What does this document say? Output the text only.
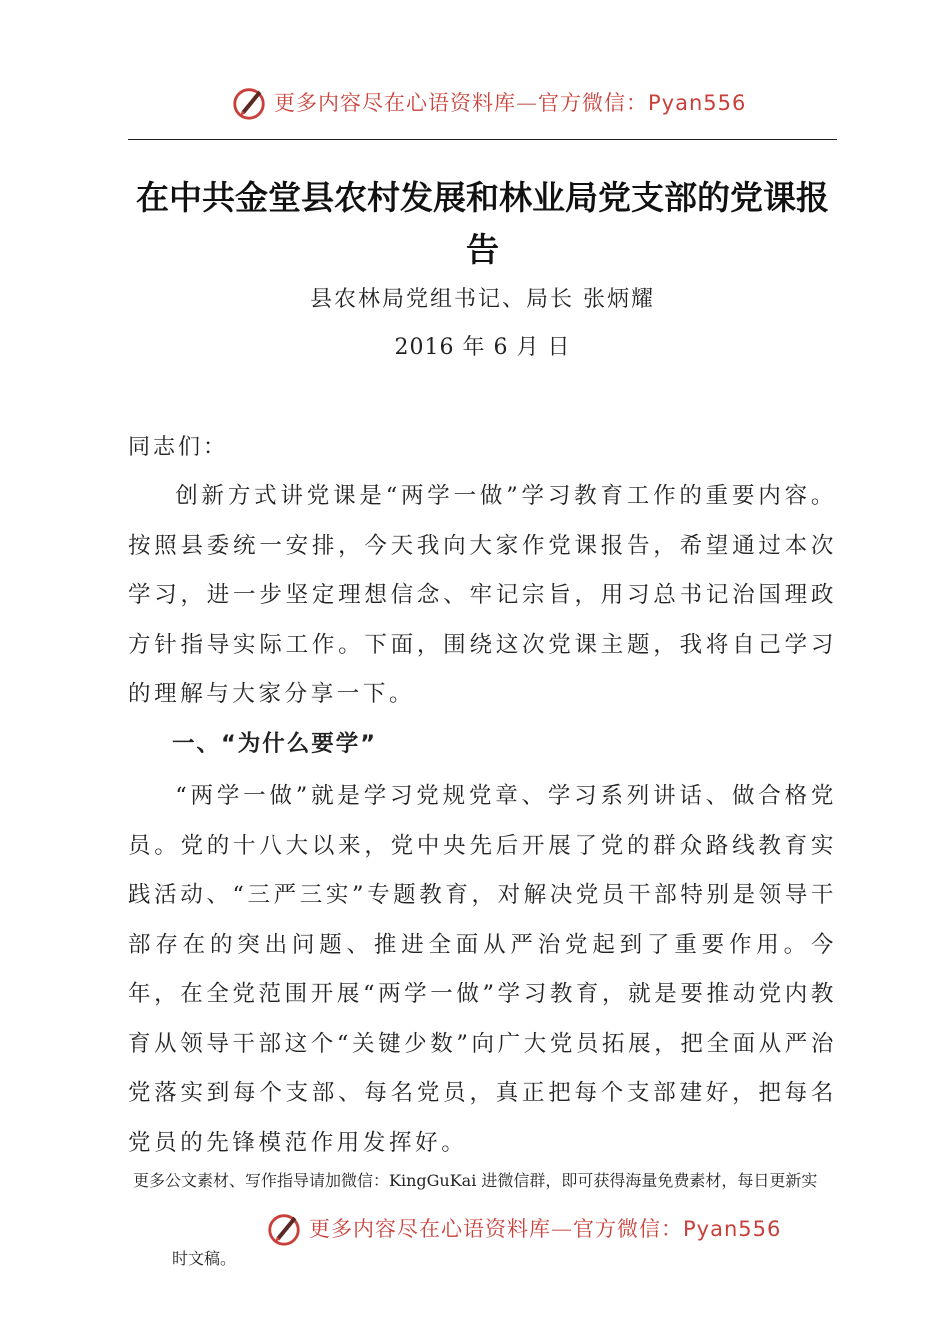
更多内容尽在心语资料库—官方微信：Pyan556
在中共金堂县农村发展和林业局党支部的党课报告
县农林局党组书记、局长 张炳耀
2016 年 6 月 日
同志们：

创新方式讲党课是“两学一做”学习教育工作的重要内容。按照县委统一安排，今天我向大家作党课报告，希望通过本次学习，进一步坚定理想信念、牢记宗旨，用习总书记治国理政方针指导实际工作。下面，围绕这次党课主题，我将自己学习的理解与大家分享一下。

一、“为什么要学”

“两学一做”就是学习党规党章、学习系列讲话、做合格党员。党的十八大以来，党中央先后开展了党的群众路线教育实践活动、“三严三实”专题教育，对解决党员干部特别是领导干部存在的突出问题、推进全面从严治党起到了重要作用。今年，在全党范围开展“两学一做”学习教育，就是要推动党内教育从领导干部这个“关键少数”向广大党员拓展，把全面从严治党落实到每个支部、每名党员，真正把每个支部建好，把每名党员的先锋模范作用发挥好。

更多公文素材、写作指导请加微信：KingGuKai 进微信群，即可获得海量免费素材，每日更新实
更多内容尽在心语资料库—官方微信：Pyan556
时文稿。
